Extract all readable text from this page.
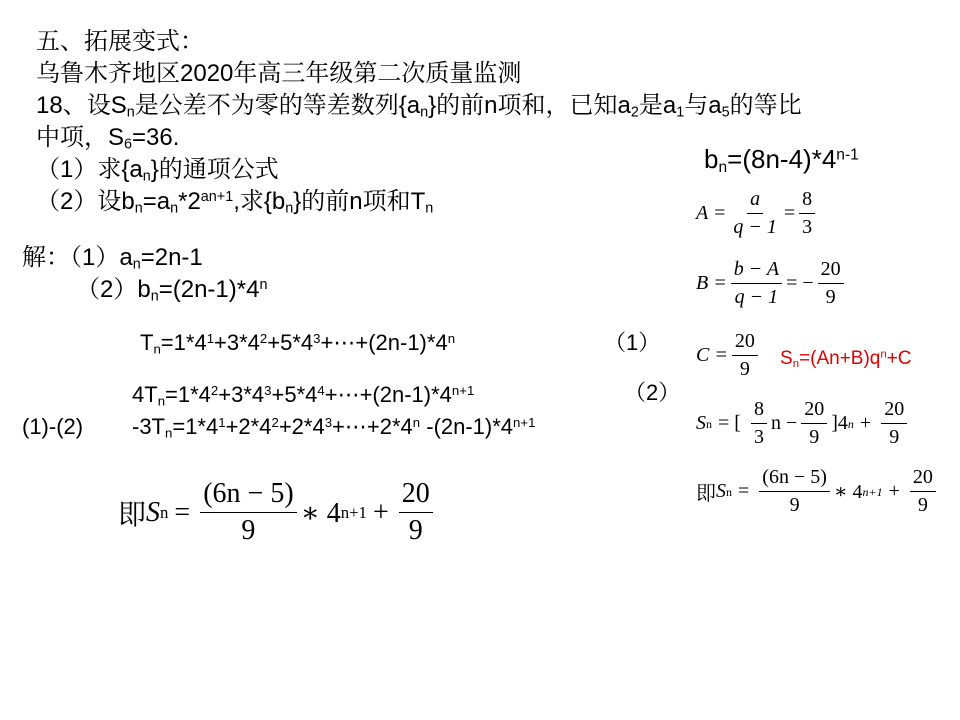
五、拓展变式：
乌鲁木齐地区2020年高三年级第二次质量监测
18、设$S_n$是公差不为零的等差数列$\{a_n\}$的前n项和，已知$a_2$是$a_1$与$a_5$的等比
中项，$S_6=36$.
（1）求$\{a_n\}$的通项公式
（2）设$b_n=a_n*2^{an+1}$,求$\{b_n\}$的前n项和$T_n$
解：$(1)a_n=2n-1$
$(2)b_n=(2n-1)*4^n$
$T_n=1*4^1+3*4^2+5*4^3+\cdots+(2n-1)*4^n$	（1）
$4T_n=1*4^2+3*4^3+5*4^4+\cdots+(2n-1)*4^{n+1}$	（2）
(1)-(2) $-3T_n=1*4^1+2*4^2+2*4^3+\cdots+2*4^n$ $-(2n-1)*4^{n+1}$
即 S $n = \frac{(6n - 5)}{9}$ ∗ 4 $n+1 + \frac{20}{9}$
$b_n=(8n-4)*4^{n-1}$
$A = \frac{a}{q - 1} = \frac{8}{3}$
$B = \frac{b - A}{q - 1}$ = − $\frac{20}{9}$
$C = \frac{20}{9} S_n=(An+B)q^n+C$
S n = [ $\frac{8}{3}$ $n - \frac{20}{9} ]4$ $n + \frac{20}{9}$
即 S $n = \frac{(6n - 5)}{9}$ ∗ 4 $n+1 + \frac{20}{9}$
